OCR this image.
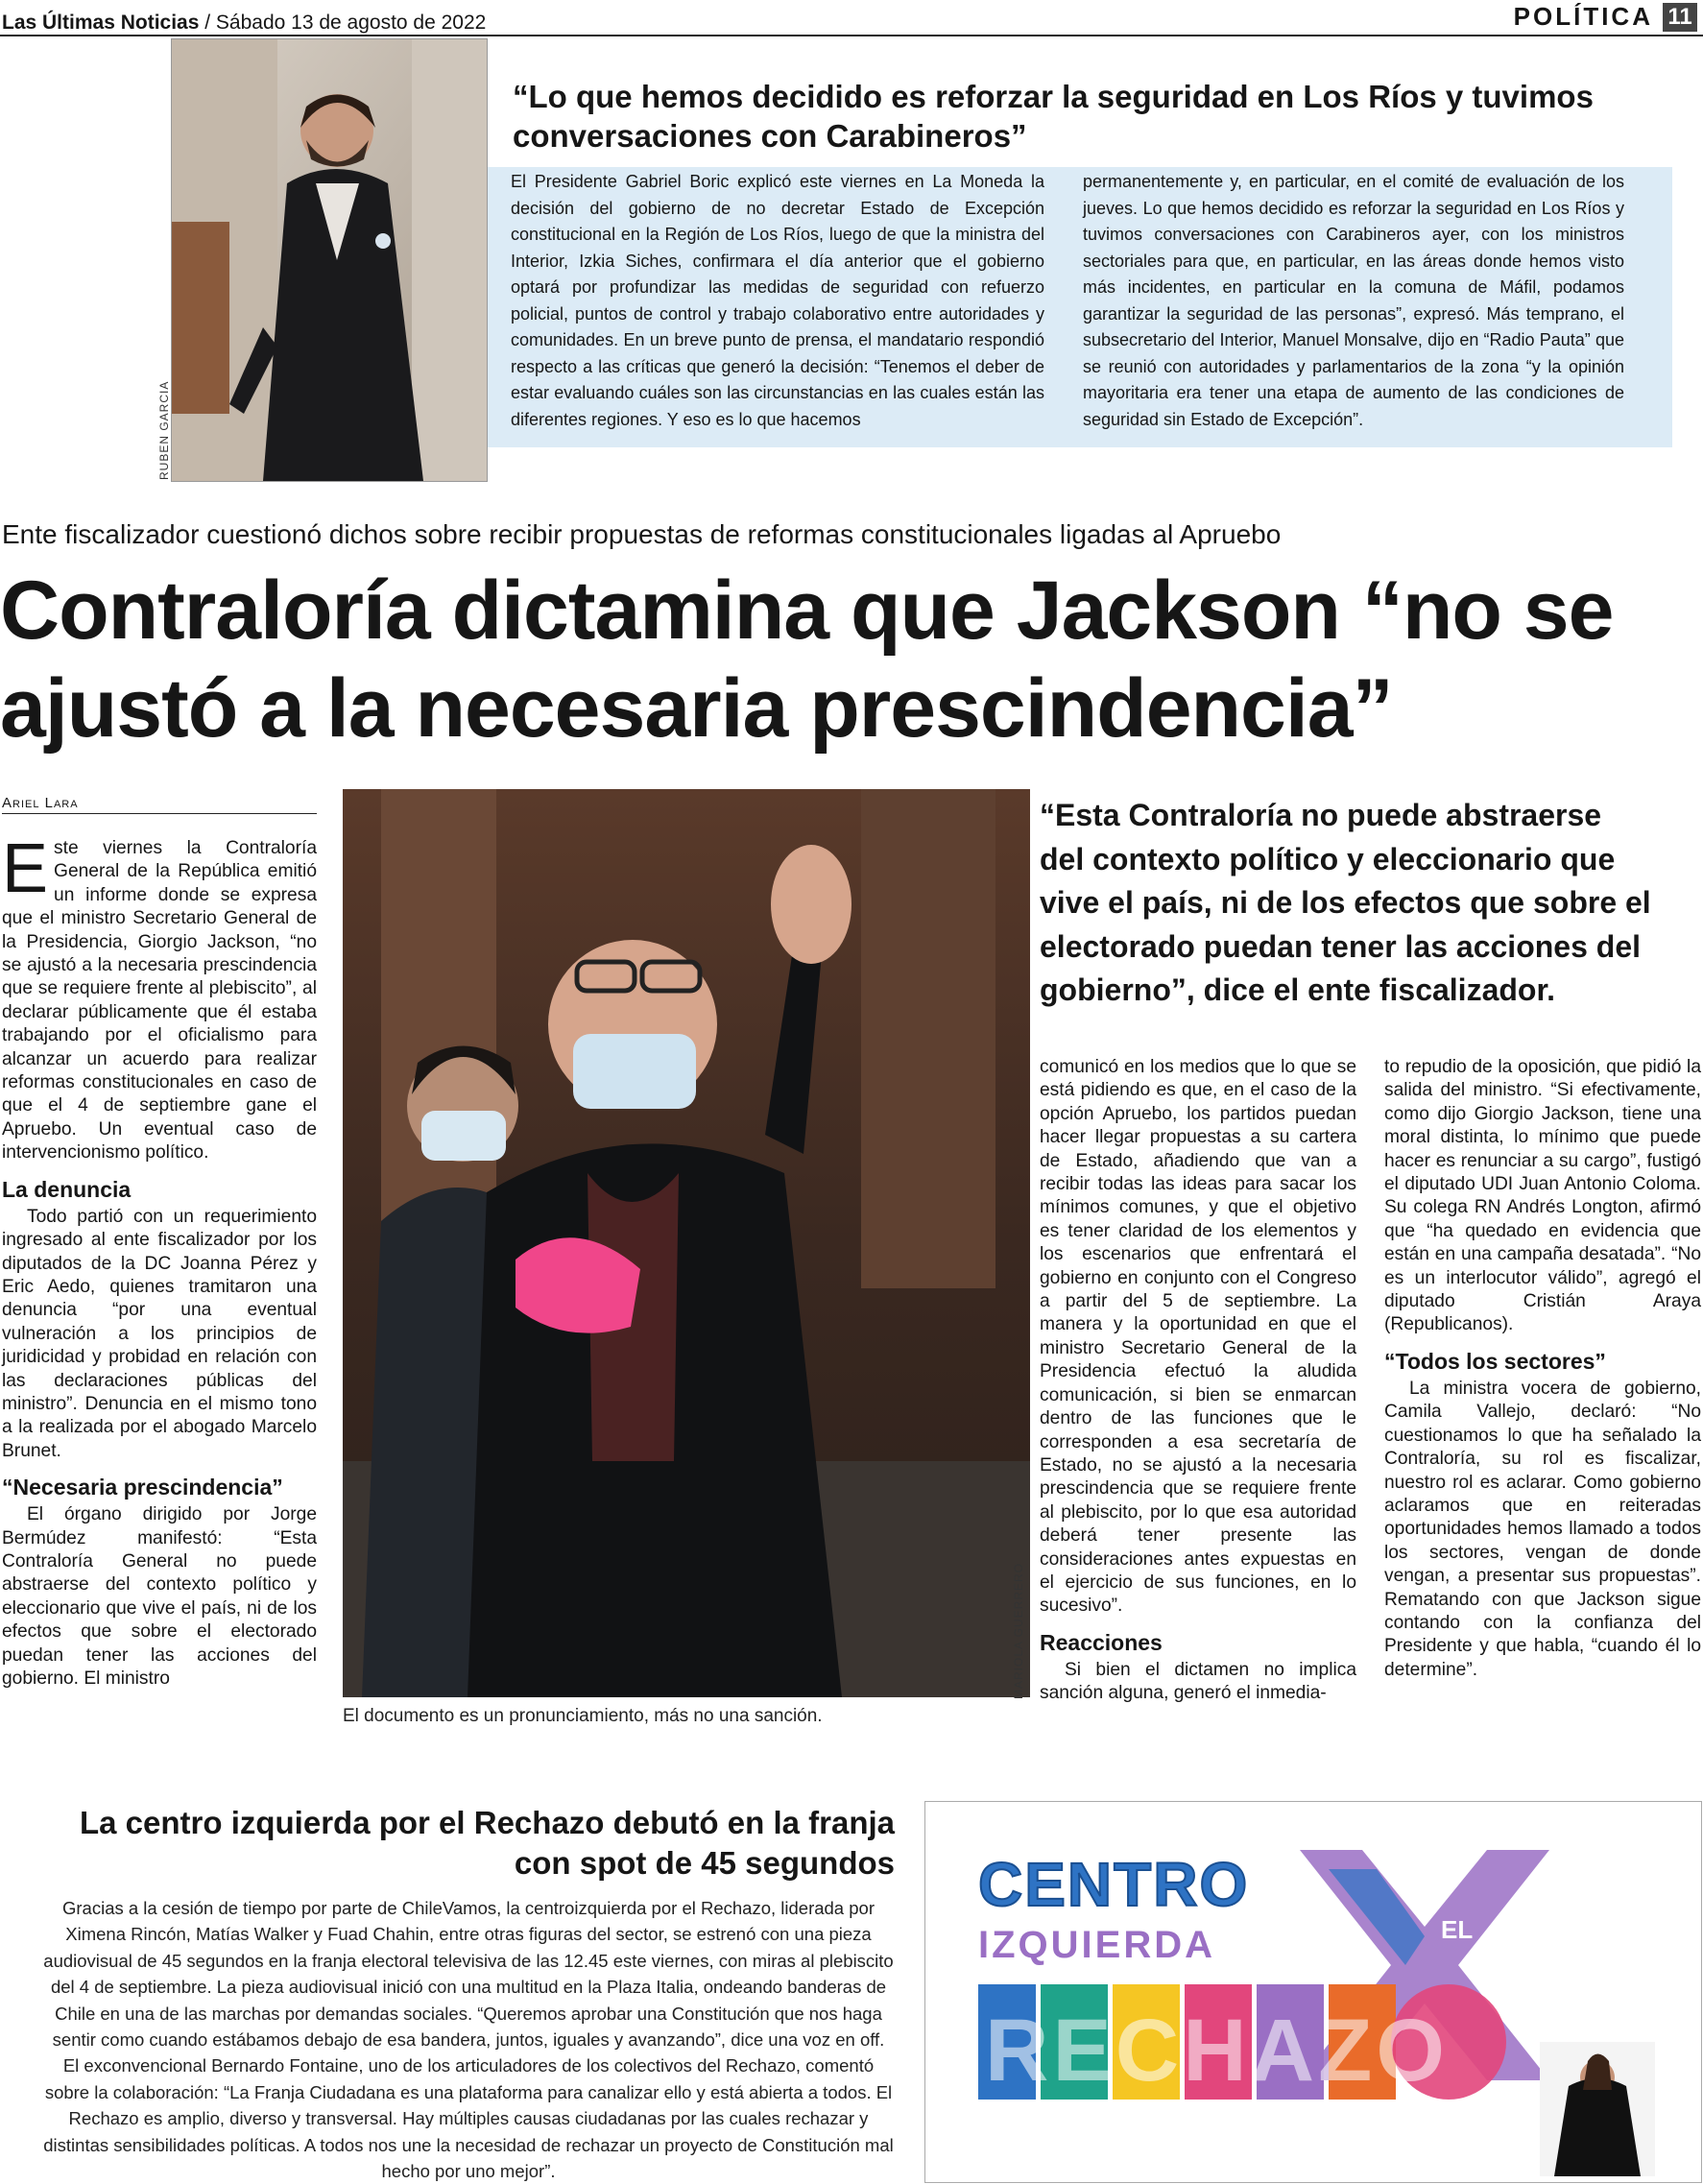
Las Últimas Noticias / Sábado 13 de agosto de 2022	POLÍTICA 11
RUBEN GARCIA
“Lo que hemos decidido es reforzar la seguridad en Los Ríos y tuvimos conversaciones con Carabineros”
El Presidente Gabriel Boric explicó este viernes en La Moneda la decisión del gobierno de no decretar Estado de Excepción constitucional en la Región de Los Ríos, luego de que la ministra del Interior, Izkia Siches, confirmara el día anterior que el gobierno optará por profundizar las medidas de seguridad con refuerzo policial, puntos de control y trabajo colaborativo entre autoridades y comunidades. En un breve punto de prensa, el mandatario respondió respecto a las críticas que generó la decisión: “Tenemos el deber de estar evaluando cuáles son las circunstancias en las cuales están las diferentes regiones. Y eso es lo que hacemos
permanentemente y, en particular, en el comité de evaluación de los jueves. Lo que hemos decidido es reforzar la seguridad en Los Ríos y tuvimos conversaciones con Carabineros ayer, con los ministros sectoriales para que, en particular, en las áreas donde hemos visto más incidentes, en particular en la comuna de Máfil, podamos garantizar la seguridad de las personas”, expresó. Más temprano, el subsecretario del Interior, Manuel Monsalve, dijo en “Radio Pauta” que se reunió con autoridades y parlamentarios de la zona “y la opinión mayoritaria era tener una etapa de aumento de las condiciones de seguridad sin Estado de Excepción”.
Ente fiscalizador cuestionó dichos sobre recibir propuestas de reformas constitucionales ligadas al Apruebo
Contraloría dictamina que Jackson “no se ajustó a la necesaria prescindencia”
Ariel Lara

Este viernes la Contraloría General de la República emitió un informe donde se expresa que el ministro Secretario General de la Presidencia, Giorgio Jackson, “no se ajustó a la necesaria prescindencia que se requiere frente al plebiscito”, al declarar públicamente que él estaba trabajando por el oficialismo para alcanzar un acuerdo para realizar reformas constitucionales en caso de que el 4 de septiembre gane el Apruebo. Un eventual caso de intervencionismo político.

La denuncia

Todo partió con un requerimiento ingresado al ente fiscalizador por los diputados de la DC Joanna Pérez y Eric Aedo, quienes tramitaron una denuncia “por una eventual vulneración a los principios de juridicidad y probidad en relación con las declaraciones públicas del ministro”. Denuncia en el mismo tono a la realizada por el abogado Marcelo Brunet.

“Necesaria prescindencia”

El órgano dirigido por Jorge Bermúdez manifestó: “Esta Contraloría General no puede abstraerse del contexto político y eleccionario que vive el país, ni de los efectos que sobre el electorado puedan tener las acciones del gobierno. El ministro	MARIOLA GUERRERO
El documento es un pronunciamiento, más no una sanción.
“Esta Contraloría no puede abstraerse del contexto político y eleccionario que vive el país, ni de los efectos que sobre el electorado puedan tener las acciones del gobierno”, dice el ente fiscalizador.

comunicó en los medios que lo que se está pidiendo es que, en el caso de la opción Apruebo, los partidos puedan hacer llegar propuestas a su cartera de Estado, añadiendo que van a recibir todas las ideas para sacar los mínimos comunes, y que el objetivo es tener claridad de los elementos y los escenarios que enfrentará el gobierno en conjunto con el Congreso a partir del 5 de septiembre. La manera y la oportunidad en que el ministro Secretario General de la Presidencia efectuó la aludida comunicación, si bien se enmarcan dentro de las funciones que le corresponden a esa secretaría de Estado, no se ajustó a la necesaria prescindencia que se requiere frente al plebiscito, por lo que esa autoridad deberá tener presente las consideraciones antes expuestas en el ejercicio de sus funciones, en lo sucesivo”.

Reacciones

Si bien el dictamen no implica sanción alguna, generó el inmedia-

to repudio de la oposición, que pidió la salida del ministro. “Si efectivamente, como dijo Giorgio Jackson, tiene una moral distinta, lo mínimo que puede hacer es renunciar a su cargo”, fustigó el diputado UDI Juan Antonio Coloma. Su colega RN Andrés Longton, afirmó que “ha quedado en evidencia que están en una campaña desatada”. “No es un interlocutor válido”, agregó el diputado Cristián Araya (Republicanos).

“Todos los sectores”

La ministra vocera de gobierno, Camila Vallejo, declaró: “No cuestionamos lo que ha señalado la Contraloría, su rol es fiscalizar, nuestro rol es aclarar. Como gobierno aclaramos que en reiteradas oportunidades hemos llamado a todos los sectores, vengan de donde vengan, a presentar sus propuestas”. Rematando con que Jackson sigue contando con la confianza del Presidente y que habla, “cuando él lo determine”.

La centro izquierda por el Rechazo debutó en la franja con spot de 45 segundos
Gracias a la cesión de tiempo por parte de ChileVamos, la centroizquierda por el Rechazo, liderada por Ximena Rincón, Matías Walker y Fuad Chahin, entre otras figuras del sector, se estrenó con una pieza audiovisual de 45 segundos en la franja electoral televisiva de las 12.45 este viernes, con miras al plebiscito del 4 de septiembre. La pieza audiovisual inició con una multitud en la Plaza Italia, ondeando banderas de Chile en una de las marchas por demandas sociales. “Queremos aprobar una Constitución que nos haga sentir como cuando estábamos debajo de esa bandera, juntos, iguales y avanzando”, dice una voz en off. El exconvencional Bernardo Fontaine, uno de los articuladores de los colectivos del Rechazo, comentó sobre la colaboración: “La Franja Ciudadana es una plataforma para canalizar ello y está abierta a todos. El Rechazo es amplio, diverso y transversal. Hay múltiples causas ciudadanas por las cuales rechazar y distintas sensibilidades políticas. A todos nos une la necesidad de rechazar un proyecto de Constitución mal hecho por uno mejor”.
EL
CENTRO
IZQUIERDA
RECHAZO
